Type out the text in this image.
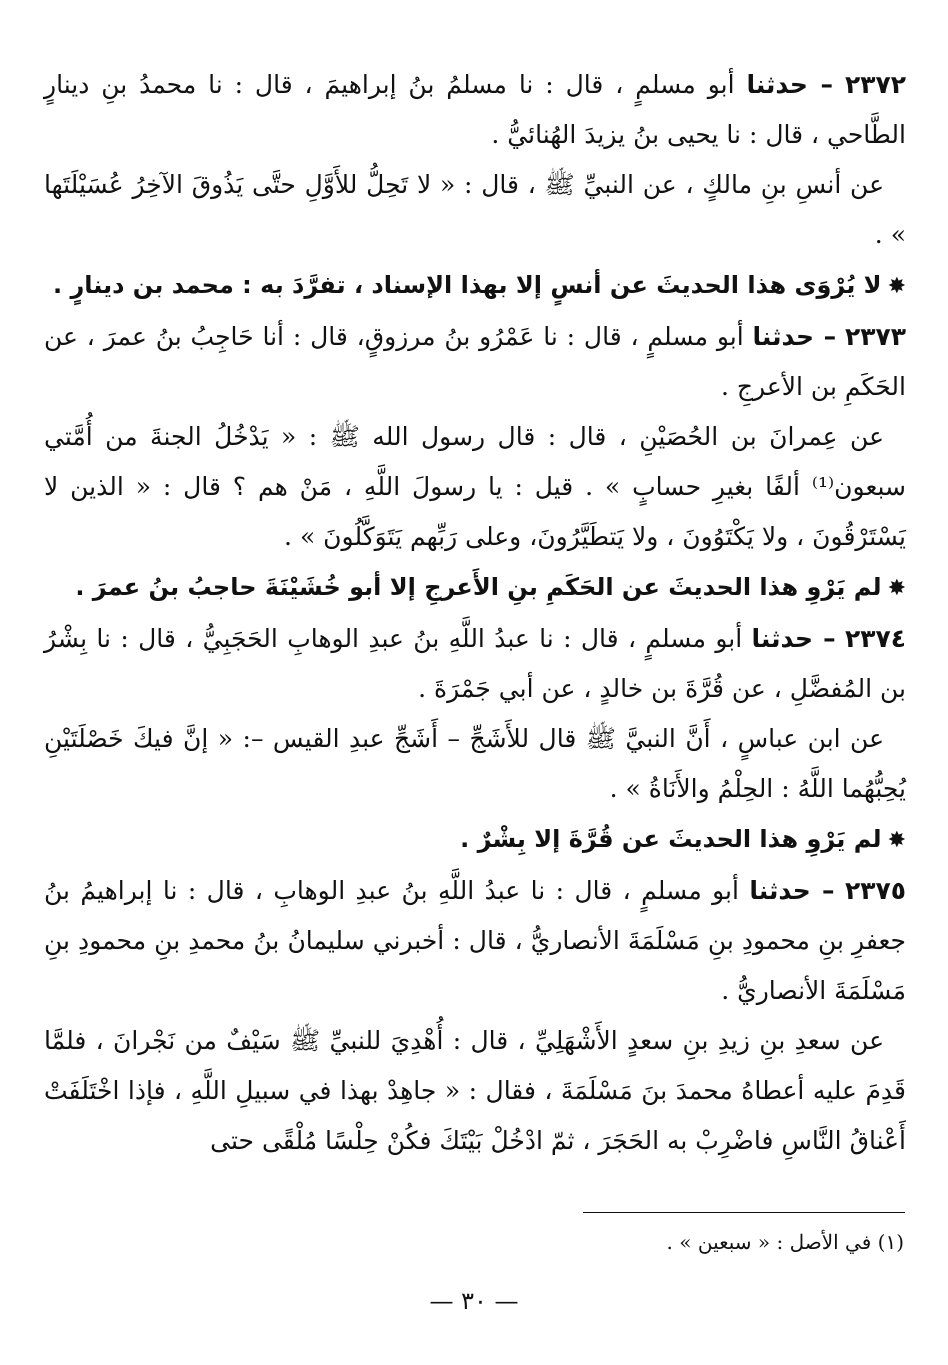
٢٣٧٢ – حدثنا أبو مسلمٍ ، قال : نا مسلمُ بنُ إبراهيمَ ، قال : نا محمدُ بنِ دينارٍ الطَّاحي ، قال : نا يحيى بنُ يزيدَ الهُنائيُّ .

عن أنسِ بنِ مالكٍ ، عن النبيِّ ﷺ ، قال : « لا تَحِلُّ للأَوَّلِ حتَّى يَذُوقَ الآخِرُ عُسَيْلَتَها » .

✸لا يُرْوَى هذا الحديثَ عن أنسٍ إلا بهذا الإسناد ، تفرَّدَ به : محمد بن دينارٍ .

٢٣٧٣ – حدثنا أبو مسلمٍ ، قال : نا عَمْرُو بنُ مرزوقٍ، قال : أنا حَاجِبُ بنُ عمرَ ، عن الحَكَمِ بن الأعرجِ .

عن عِمرانَ بن الحُصَيْنِ ، قال : قال رسول الله ﷺ : « يَدْخُلُ الجنةَ من أُمَّتي سبعون⁽¹⁾ ألفًا بغيرِ حسابٍ » . قيل : يا رسولَ اللَّهِ ، مَنْ هم ؟ قال : « الذين لا يَسْتَرْقُونَ ، ولا يَكْتَوُونَ ، ولا يَتطَيَّرُونَ، وعلى رَبِّهم يَتَوَكَّلُونَ » .

✸لم يَرْوِ هذا الحديثَ عن الحَكَمِ بنِ الأَعرجِ إلا أبو خُشَيْنَةَ حاجبُ بنُ عمرَ .

٢٣٧٤ – حدثنا أبو مسلمٍ ، قال : نا عبدُ اللَّهِ بنُ عبدِ الوهابِ الحَجَبِيُّ ، قال : نا بِشْرُ بن المُفضَّلِ ، عن قُرَّةَ بن خالدٍ ، عن أبي جَمْرَةَ .

عن ابن عباسٍ ، أَنَّ النبيَّ ﷺ قال للأَشَجِّ – أَشَجِّ عبدِ القيس –: « إنَّ فيكَ خَصْلَتَيْنِ يُحِبُّهُما اللَّهُ : الحِلْمُ والأَنَاةُ » .

✸لم يَرْوِ هذا الحديثَ عن قُرَّةَ إلا بِشْرٌ .

٢٣٧٥ – حدثنا أبو مسلمٍ ، قال : نا عبدُ اللَّهِ بنُ عبدِ الوهابِ ، قال : نا إبراهيمُ بنُ جعفرِ بنِ محمودِ بنِ مَسْلَمَةَ الأنصاريُّ ، قال : أخبرني سليمانُ بنُ محمدِ بنِ محمودِ بنِ مَسْلَمَةَ الأنصاريُّ .

عن سعدِ بنِ زيدِ بنِ سعدٍ الأَشْهَلِيِّ ، قال : أُهْدِيَ للنبيِّ ﷺ سَيْفٌ من نَجْرانَ ، فلمَّا قَدِمَ عليه أعطاهُ محمدَ بنَ مَسْلَمَةَ ، فقال : « جاهِدْ بهذا في سبيلِ اللَّهِ ، فإذا اخْتَلَفَتْ أَعْناقُ النَّاسِ فاضْرِبْ به الحَجَرَ ، ثمّ ادْخُلْ بَيْتَكَ فكُنْ حِلْسًا مُلْقًى حتى

(١) في الأصل : « سبعين » .
— ٣٠ —
